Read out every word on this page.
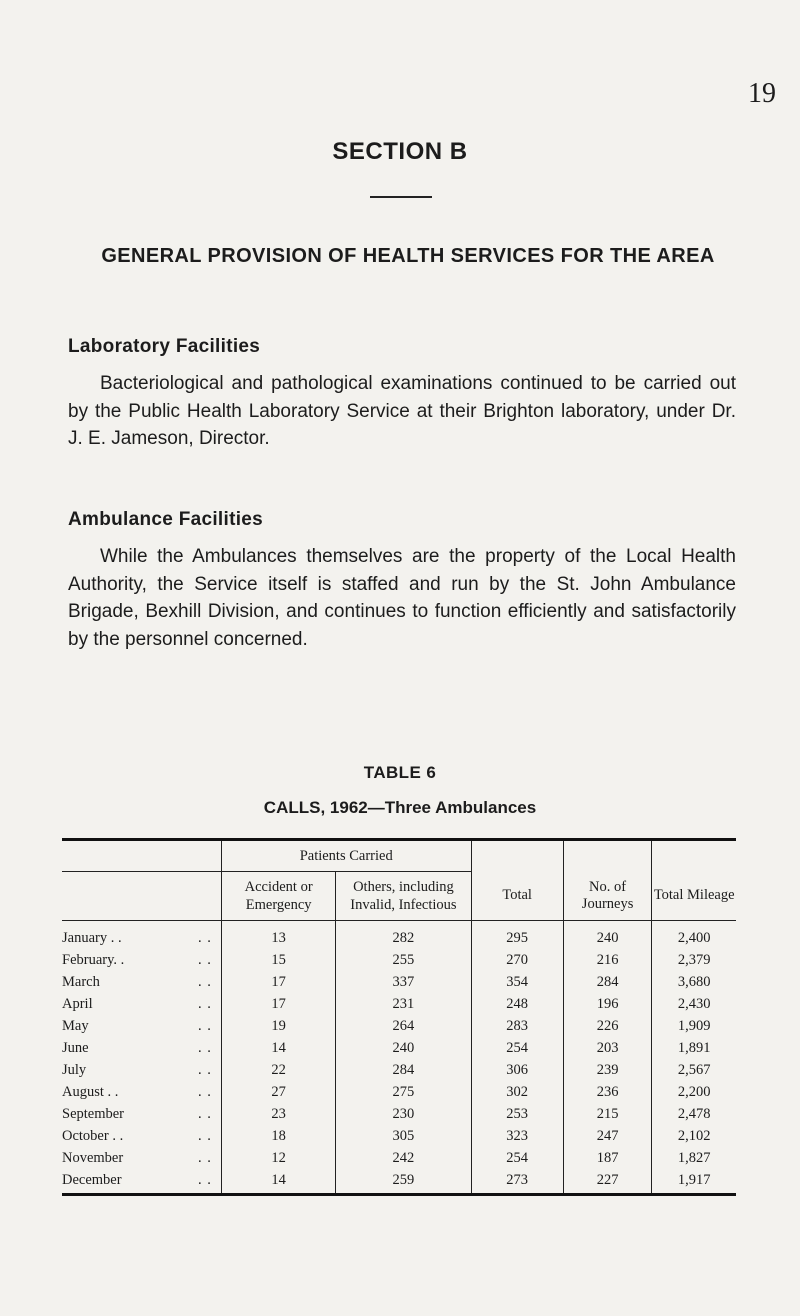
19
SECTION B
GENERAL PROVISION OF HEALTH SERVICES FOR THE AREA
Laboratory Facilities
Bacteriological and pathological examinations continued to be carried out by the Public Health Laboratory Service at their Brighton laboratory, under Dr. J. E. Jameson, Director.
Ambulance Facilities
While the Ambulances themselves are the property of the Local Health Authority, the Service itself is staffed and run by the St. John Ambulance Brigade, Bexhill Division, and continues to function efficiently and satisfactorily by the personnel concerned.
TABLE 6
CALLS, 1962—Three Ambulances
	Patients Carried		Total	No. of Journeys	Total Mileage
	Accident or Emergency	Others, including Invalid, Infectious			
January . . . .	13	282	295	240	2,400
February. . . .	15	255	270	216	2,379
March . .	17	337	354	284	3,680
April . .	17	231	248	196	2,430
May . .	19	264	283	226	1,909
June . .	14	240	254	203	1,891
July . .	22	284	306	239	2,567
August . . . .	27	275	302	236	2,200
September . .	23	230	253	215	2,478
October . . . .	18	305	323	247	2,102
November . .	12	242	254	187	1,827
December . .	14	259	273	227	1,917
